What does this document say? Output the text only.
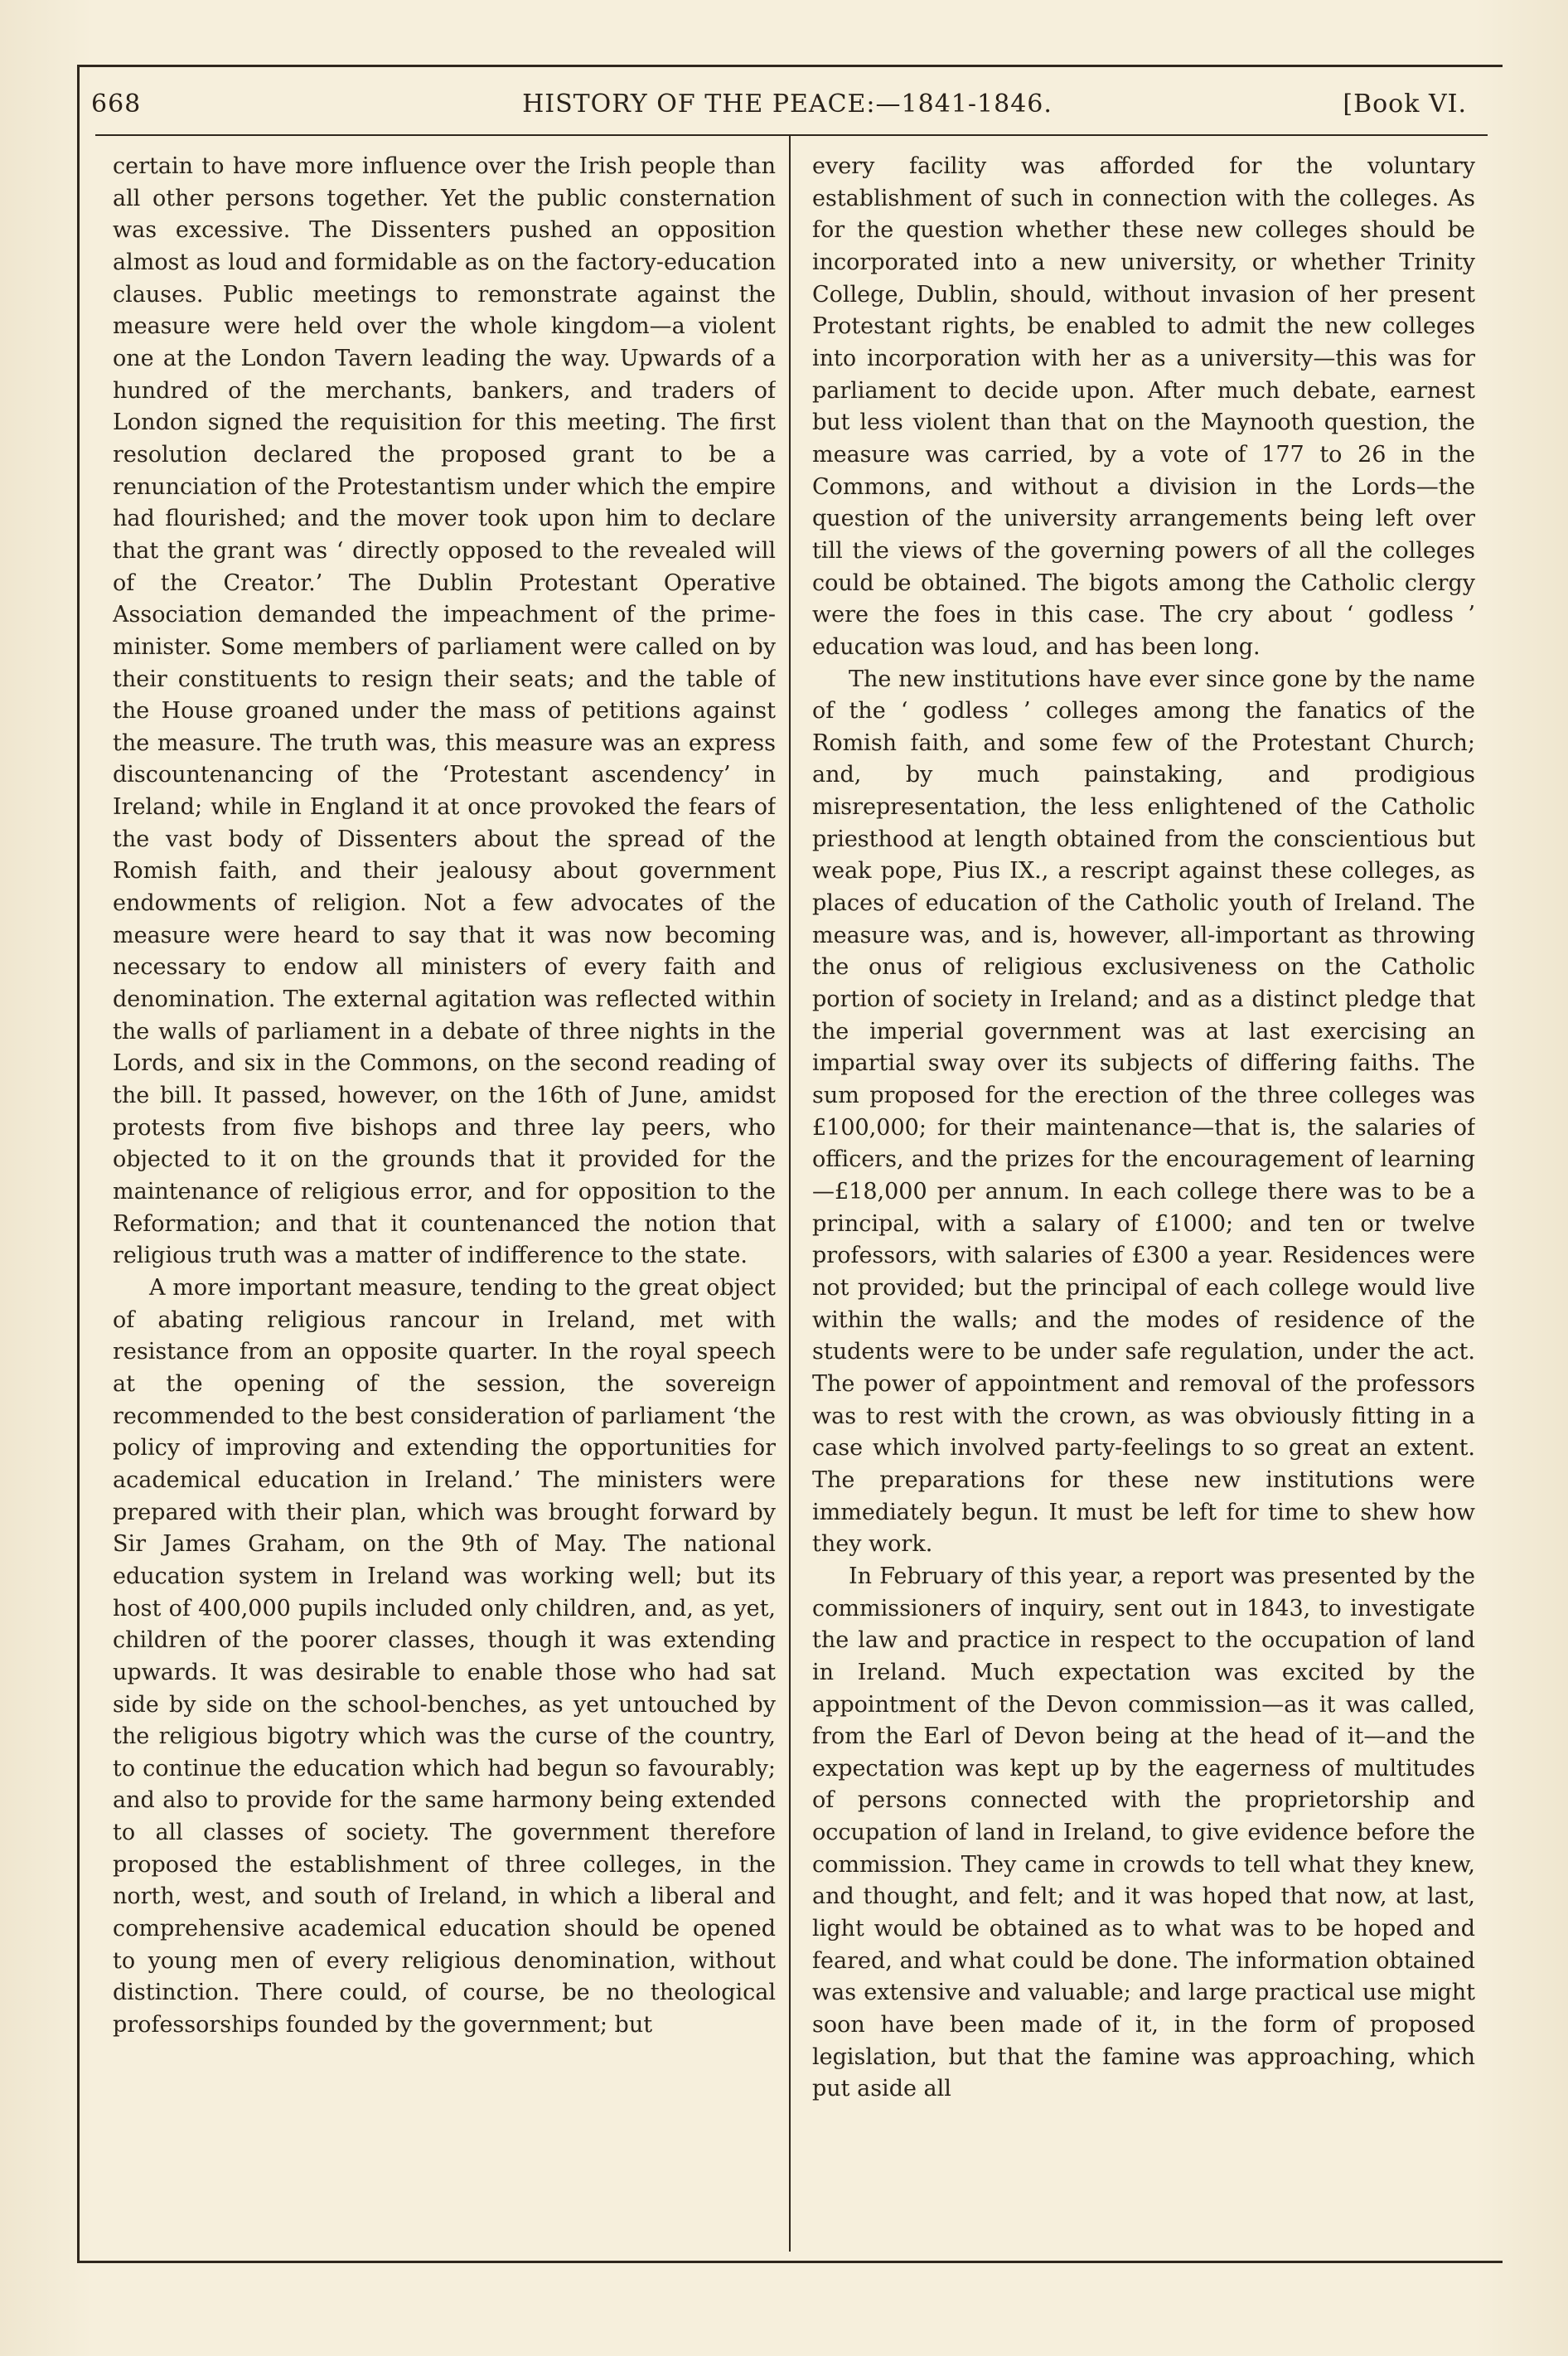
668	HISTORY OF THE PEACE:—1841-1846.	[Book VI.

certain to have more influence over the Irish people than all other persons together. Yet the public consternation was excessive. The Dissenters pushed an opposition almost as loud and formidable as on the factory-education clauses. Public meetings to remonstrate against the measure were held over the whole kingdom—a violent one at the London Tavern leading the way. Upwards of a hundred of the merchants, bankers, and traders of London signed the requisition for this meeting. The first resolution declared the proposed grant to be a renunciation of the Protestantism under which the empire had flourished; and the mover took upon him to declare that the grant was ‘ directly opposed to the revealed will of the Creator.’ The Dublin Protestant Operative Association demanded the impeachment of the prime-minister. Some members of parliament were called on by their constituents to resign their seats; and the table of the House groaned under the mass of petitions against the measure. The truth was, this measure was an express discountenancing of the ‘Protestant ascendency’ in Ireland; while in England it at once provoked the fears of the vast body of Dissenters about the spread of the Romish faith, and their jealousy about government endowments of religion. Not a few advocates of the measure were heard to say that it was now becoming necessary to endow all ministers of every faith and denomination. The external agitation was reflected within the walls of parliament in a debate of three nights in the Lords, and six in the Commons, on the second reading of the bill. It passed, however, on the 16th of June, amidst protests from five bishops and three lay peers, who objected to it on the grounds that it provided for the maintenance of religious error, and for opposition to the Reformation; and that it countenanced the notion that religious truth was a matter of indifference to the state.

A more important measure, tending to the great object of abating religious rancour in Ireland, met with resistance from an opposite quarter. In the royal speech at the opening of the session, the sovereign recommended to the best consideration of parliament ‘the policy of improving and extending the opportunities for academical education in Ireland.’ The ministers were prepared with their plan, which was brought forward by Sir James Graham, on the 9th of May. The national education system in Ireland was working well; but its host of 400,000 pupils included only children, and, as yet, children of the poorer classes, though it was extending upwards. It was desirable to enable those who had sat side by side on the school-benches, as yet untouched by the religious bigotry which was the curse of the country, to continue the education which had begun so favourably; and also to provide for the same harmony being extended to all classes of society. The government therefore proposed the establishment of three colleges, in the north, west, and south of Ireland, in which a liberal and comprehensive academical education should be opened to young men of every religious denomination, without distinction. There could, of course, be no theological professorships founded by the government; but

every facility was afforded for the voluntary establishment of such in connection with the colleges. As for the question whether these new colleges should be incorporated into a new university, or whether Trinity College, Dublin, should, without invasion of her present Protestant rights, be enabled to admit the new colleges into incorporation with her as a university—this was for parliament to decide upon. After much debate, earnest but less violent than that on the Maynooth question, the measure was carried, by a vote of 177 to 26 in the Commons, and without a division in the Lords—the question of the university arrangements being left over till the views of the governing powers of all the colleges could be obtained. The bigots among the Catholic clergy were the foes in this case. The cry about ‘ godless ’ education was loud, and has been long.

The new institutions have ever since gone by the name of the ‘ godless ’ colleges among the fanatics of the Romish faith, and some few of the Protestant Church; and, by much painstaking, and prodigious misrepresentation, the less enlightened of the Catholic priesthood at length obtained from the conscientious but weak pope, Pius IX., a rescript against these colleges, as places of education of the Catholic youth of Ireland. The measure was, and is, however, all-important as throwing the onus of religious exclusiveness on the Catholic portion of society in Ireland; and as a distinct pledge that the imperial government was at last exercising an impartial sway over its subjects of differing faiths. The sum proposed for the erection of the three colleges was £100,000; for their maintenance—that is, the salaries of officers, and the prizes for the encouragement of learning—£18,000 per annum. In each college there was to be a principal, with a salary of £1000; and ten or twelve professors, with salaries of £300 a year. Residences were not provided; but the principal of each college would live within the walls; and the modes of residence of the students were to be under safe regulation, under the act. The power of appointment and removal of the professors was to rest with the crown, as was obviously fitting in a case which involved party-feelings to so great an extent. The preparations for these new institutions were immediately begun. It must be left for time to shew how they work.

In February of this year, a report was presented by the commissioners of inquiry, sent out in 1843, to investigate the law and practice in respect to the occupation of land in Ireland. Much expectation was excited by the appointment of the Devon commission—as it was called, from the Earl of Devon being at the head of it—and the expectation was kept up by the eagerness of multitudes of persons connected with the proprietorship and occupation of land in Ireland, to give evidence before the commission. They came in crowds to tell what they knew, and thought, and felt; and it was hoped that now, at last, light would be obtained as to what was to be hoped and feared, and what could be done. The information obtained was extensive and valuable; and large practical use might soon have been made of it, in the form of proposed legislation, but that the famine was approaching, which put aside all
